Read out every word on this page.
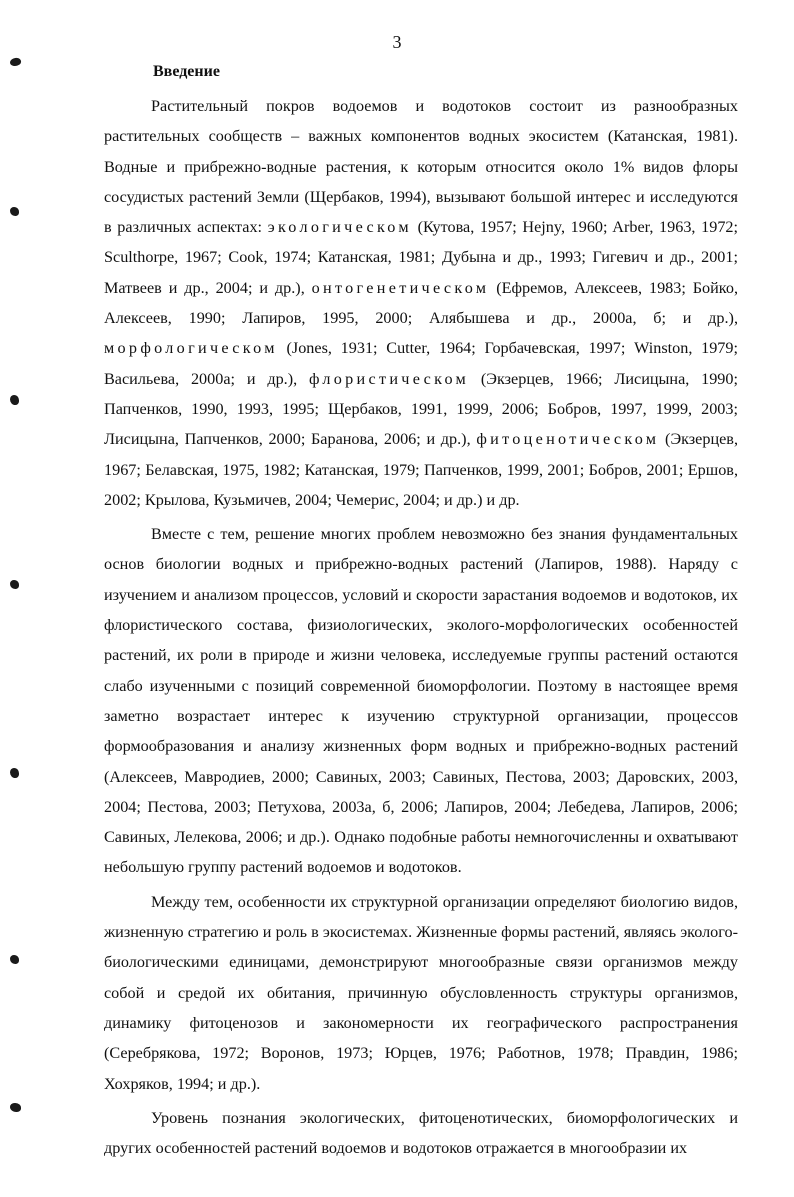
3
Введение

Растительный покров водоемов и водотоков состоит из разнообразных растительных сообществ – важных компонентов водных экосистем (Катанская, 1981). Водные и прибрежно-водные растения, к которым относится около 1% видов флоры сосудистых растений Земли (Щербаков, 1994), вызывают большой интерес и исследуются в различных аспектах: экологическом (Кутова, 1957; Hejny, 1960; Arber, 1963, 1972; Sculthorpe, 1967; Cook, 1974; Катанская, 1981; Дубына и др., 1993; Гигевич и др., 2001; Матвеев и др., 2004; и др.), онтогенетическом (Ефремов, Алексеев, 1983; Бойко, Алексеев, 1990; Лапиров, 1995, 2000; Алябышева и др., 2000а, б; и др.), морфологическом (Jones, 1931; Cutter, 1964; Горбачевская, 1997; Winston, 1979; Васильева, 2000а; и др.), флористическом (Экзерцев, 1966; Лисицына, 1990; Папченков, 1990, 1993, 1995; Щербаков, 1991, 1999, 2006; Бобров, 1997, 1999, 2003; Лисицына, Папченков, 2000; Баранова, 2006; и др.), фитоценотическом (Экзерцев, 1967; Белавская, 1975, 1982; Катанская, 1979; Папченков, 1999, 2001; Бобров, 2001; Ершов, 2002; Крылова, Кузьмичев, 2004; Чемерис, 2004; и др.) и др.

Вместе с тем, решение многих проблем невозможно без знания фундаментальных основ биологии водных и прибрежно-водных растений (Лапиров, 1988). Наряду с изучением и анализом процессов, условий и скорости зарастания водоемов и водотоков, их флористического состава, физиологических, эколого-морфологических особенностей растений, их роли в природе и жизни человека, исследуемые группы растений остаются слабо изученными с позиций современной биоморфологии. Поэтому в настоящее время заметно возрастает интерес к изучению структурной организации, процессов формообразования и анализу жизненных форм водных и прибрежно-водных растений (Алексеев, Мавродиев, 2000; Савиных, 2003; Савиных, Пестова, 2003; Даровских, 2003, 2004; Пестова, 2003; Петухова, 2003а, б, 2006; Лапиров, 2004; Лебедева, Лапиров, 2006; Савиных, Лелекова, 2006; и др.). Однако подобные работы немногочисленны и охватывают небольшую группу растений водоемов и водотоков.

Между тем, особенности их структурной организации определяют биологию видов, жизненную стратегию и роль в экосистемах. Жизненные формы растений, являясь эколого-биологическими единицами, демонстрируют многообразные связи организмов между собой и средой их обитания, причинную обусловленность структуры организмов, динамику фитоценозов и закономерности их географического распространения (Серебрякова, 1972; Воронов, 1973; Юрцев, 1976; Работнов, 1978; Правдин, 1986; Хохряков, 1994; и др.).

Уровень познания экологических, фитоценотических, биоморфологических и других особенностей растений водоемов и водотоков отражается в многообразии их
